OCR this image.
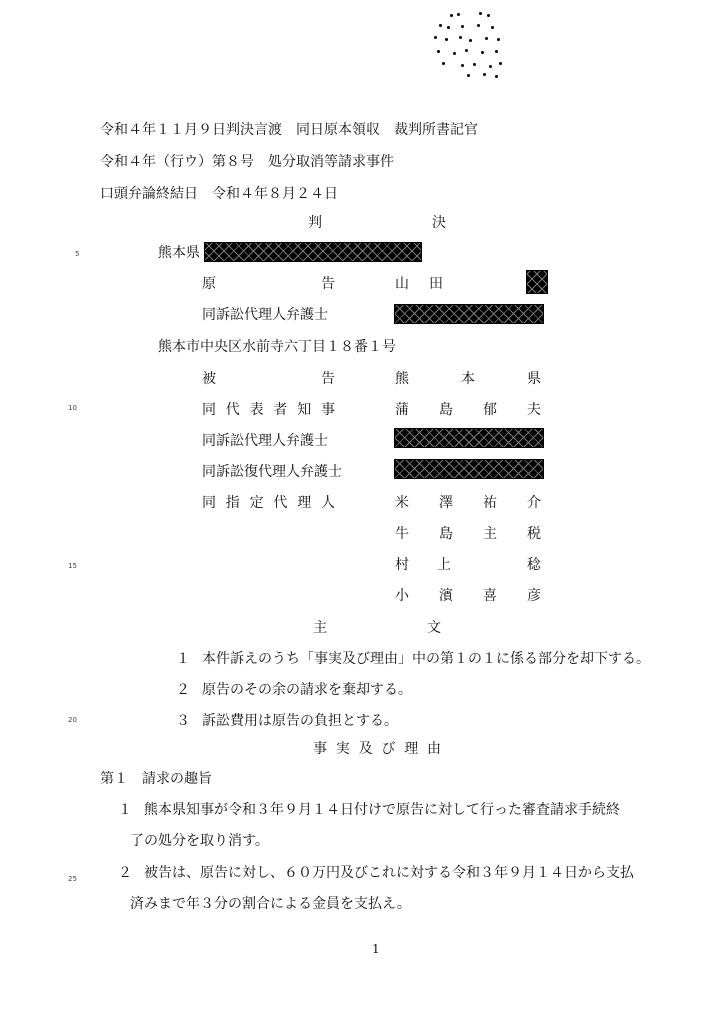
5
10
15
20
25
令和４年１１月９日判決言渡　同日原本領収　裁判所書記官
令和４年（行ウ）第８号　処分取消等請求事件
口頭弁論終結日　令和４年８月２４日
判	決
熊本県
原	告	山 田
同訴訟代理人弁護士
熊本市中央区水前寺六丁目１８番１号
被	告	熊	本	県
同 代 表 者 知 事	蒲 島 郁 夫
同訴訟代理人弁護士
同訴訟復代理人弁護士
同 指 定 代 理 人	米 澤 祐 介
牛 島 主 税
村 上	稔
小 濱 喜 彦
主	文
１ 本件訴えのうち「事実及び理由」中の第１の１に係る部分を却下する。
２ 原告のその余の請求を棄却する。
３ 訴訟費用は原告の負担とする。
事 実 及 び 理 由
第１　請求の趣旨
１ 熊本県知事が令和３年９月１４日付けで原告に対して行った審査請求手続終
了の処分を取り消す。
２ 被告は、原告に対し、６０万円及びこれに対する令和３年９月１４日から支払
済みまで年３分の割合による金員を支払え。
1
